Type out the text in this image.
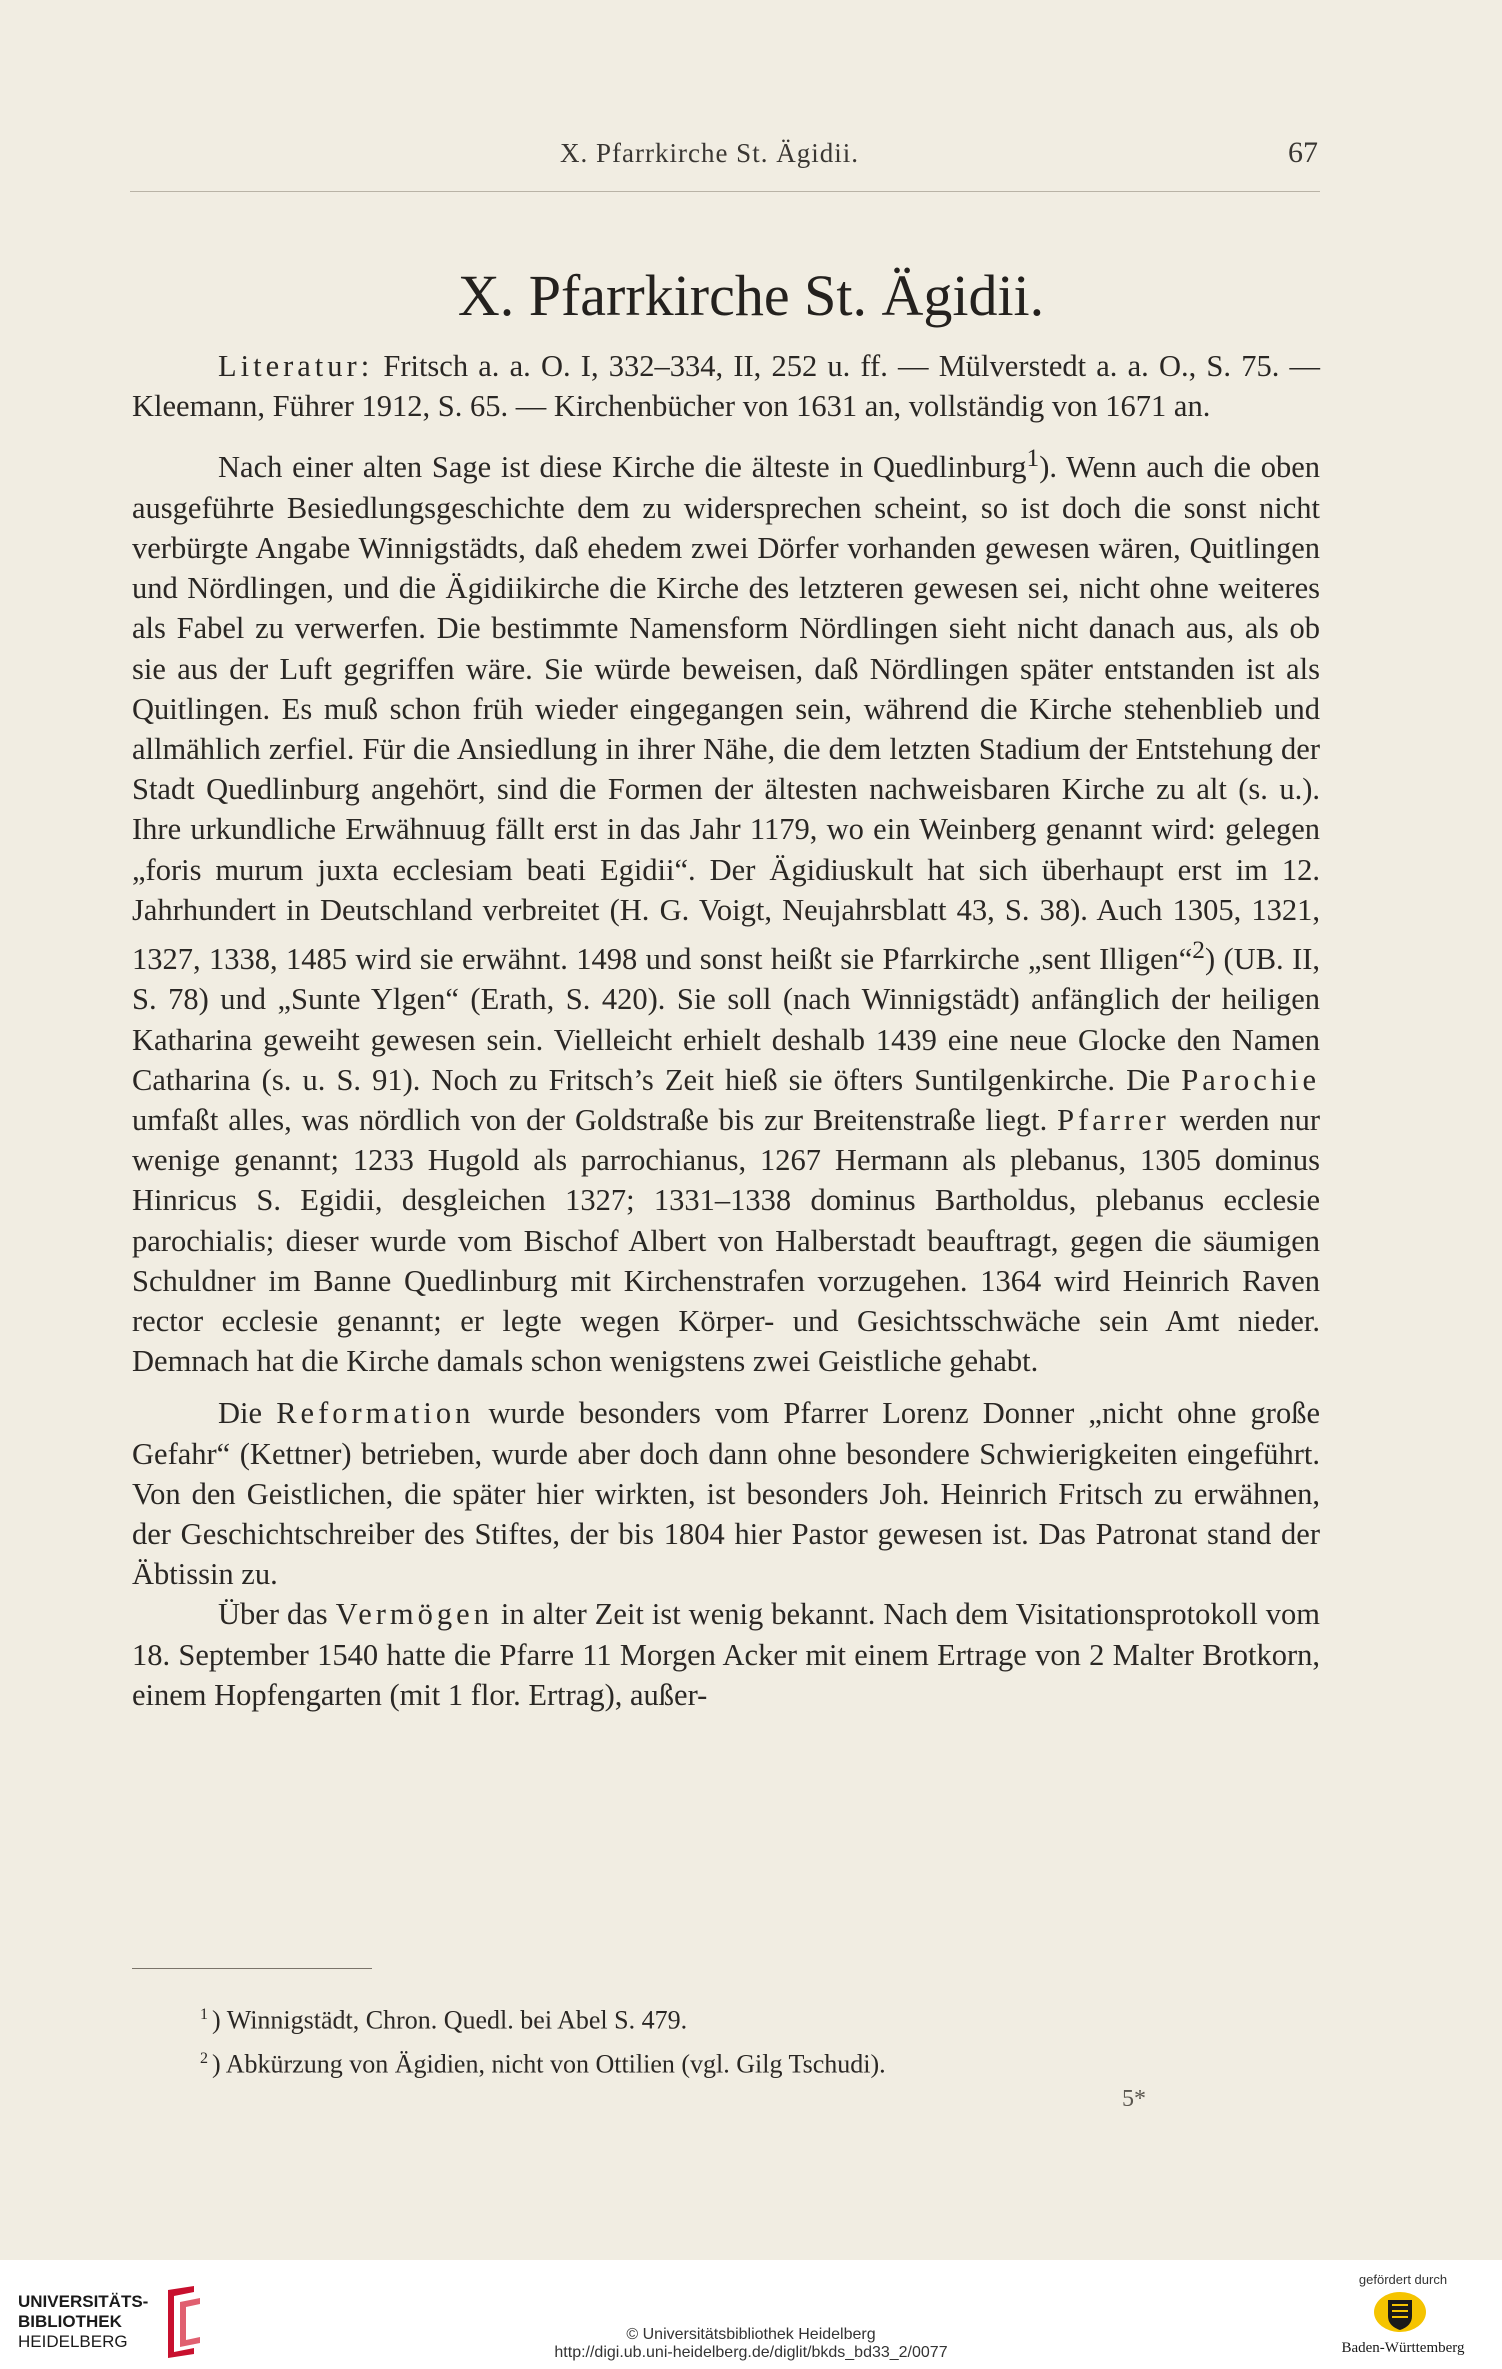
X. Pfarrkirche St. Ägidii.	67
X. Pfarrkirche St. Ägidii.

Literatur: Fritsch a. a. O. I, 332–334, II, 252 u. ff. — Mülverstedt a. a. O., S. 75. — Kleemann, Führer 1912, S. 65. — Kirchenbücher von 1631 an, vollständig von 1671 an.

Nach einer alten Sage ist diese Kirche die älteste in Quedlinburg$^1$). Wenn auch die oben ausgeführte Besiedlungsgeschichte dem zu widersprechen scheint, so ist doch die sonst nicht verbürgte Angabe Winnigstädts, daß ehedem zwei Dörfer vorhanden gewesen wären, Quitlingen und Nördlingen, und die Ägidiikirche die Kirche des letzteren gewesen sei, nicht ohne weiteres als Fabel zu verwerfen. Die bestimmte Namensform Nördlingen sieht nicht danach aus, als ob sie aus der Luft gegriffen wäre. Sie würde beweisen, daß Nördlingen später entstanden ist als Quitlingen. Es muß schon früh wieder eingegangen sein, während die Kirche stehenblieb und allmählich zerfiel. Für die Ansiedlung in ihrer Nähe, die dem letzten Stadium der Entstehung der Stadt Quedlinburg angehört, sind die Formen der ältesten nachweisbaren Kirche zu alt (s. u.). Ihre urkundliche Erwähnuug fällt erst in das Jahr 1179, wo ein Weinberg genannt wird: gelegen „foris murum juxta ecclesiam beati Egidii“. Der Ägidiuskult hat sich überhaupt erst im 12. Jahrhundert in Deutschland verbreitet (H. G. Voigt, Neujahrsblatt 43, S. 38). Auch 1305, 1321, 1327, 1338, 1485 wird sie erwähnt. 1498 und sonst heißt sie Pfarrkirche „sent Illigen“$^2$) (UB. II, S. 78) und „Sunte Ylgen“ (Erath, S. 420). Sie soll (nach Winnigstädt) anfänglich der heiligen Katharina geweiht gewesen sein. Vielleicht erhielt deshalb 1439 eine neue Glocke den Namen Catharina (s. u. S. 91). Noch zu Fritsch’s Zeit hieß sie öfters Suntilgenkirche. Die Parochie umfaßt alles, was nördlich von der Goldstraße bis zur Breitenstraße liegt. Pfarrer werden nur wenige genannt; 1233 Hugold als parrochianus, 1267 Hermann als plebanus, 1305 dominus Hinricus S. Egidii, desgleichen 1327; 1331–1338 dominus Bartholdus, plebanus ecclesie parochialis; dieser wurde vom Bischof Albert von Halberstadt beauftragt, gegen die säumigen Schuldner im Banne Quedlinburg mit Kirchenstrafen vorzugehen. 1364 wird Heinrich Raven rector ecclesie genannt; er legte wegen Körper- und Gesichtsschwäche sein Amt nieder. Demnach hat die Kirche damals schon wenigstens zwei Geistliche gehabt.

Die Reformation wurde besonders vom Pfarrer Lorenz Donner „nicht ohne große Gefahr“ (Kettner) betrieben, wurde aber doch dann ohne besondere Schwierigkeiten eingeführt. Von den Geistlichen, die später hier wirkten, ist besonders Joh. Heinrich Fritsch zu erwähnen, der Geschichtschreiber des Stiftes, der bis 1804 hier Pastor gewesen ist. Das Patronat stand der Äbtissin zu.

Über das Vermögen in alter Zeit ist wenig bekannt. Nach dem Visitationsprotokoll vom 18. September 1540 hatte die Pfarre 11 Morgen Acker mit einem Ertrage von 2 Malter Brotkorn, einem Hopfengarten (mit 1 flor. Ertrag), außer-

$^1$ ) Winnigstädt, Chron. Quedl. bei Abel S. 479.
$^2$ ) Abkürzung von Ägidien, nicht von Ottilien (vgl. Gilg Tschudi).
5*
UNIVERSITÄTS-
BIBLIOTHEK
HEIDELBERG	© Universitätsbibliothek Heidelberg
http://digi.ub.uni-heidelberg.de/diglit/bkds_bd33_2/0077
gefördert durch
Baden-Württemberg
